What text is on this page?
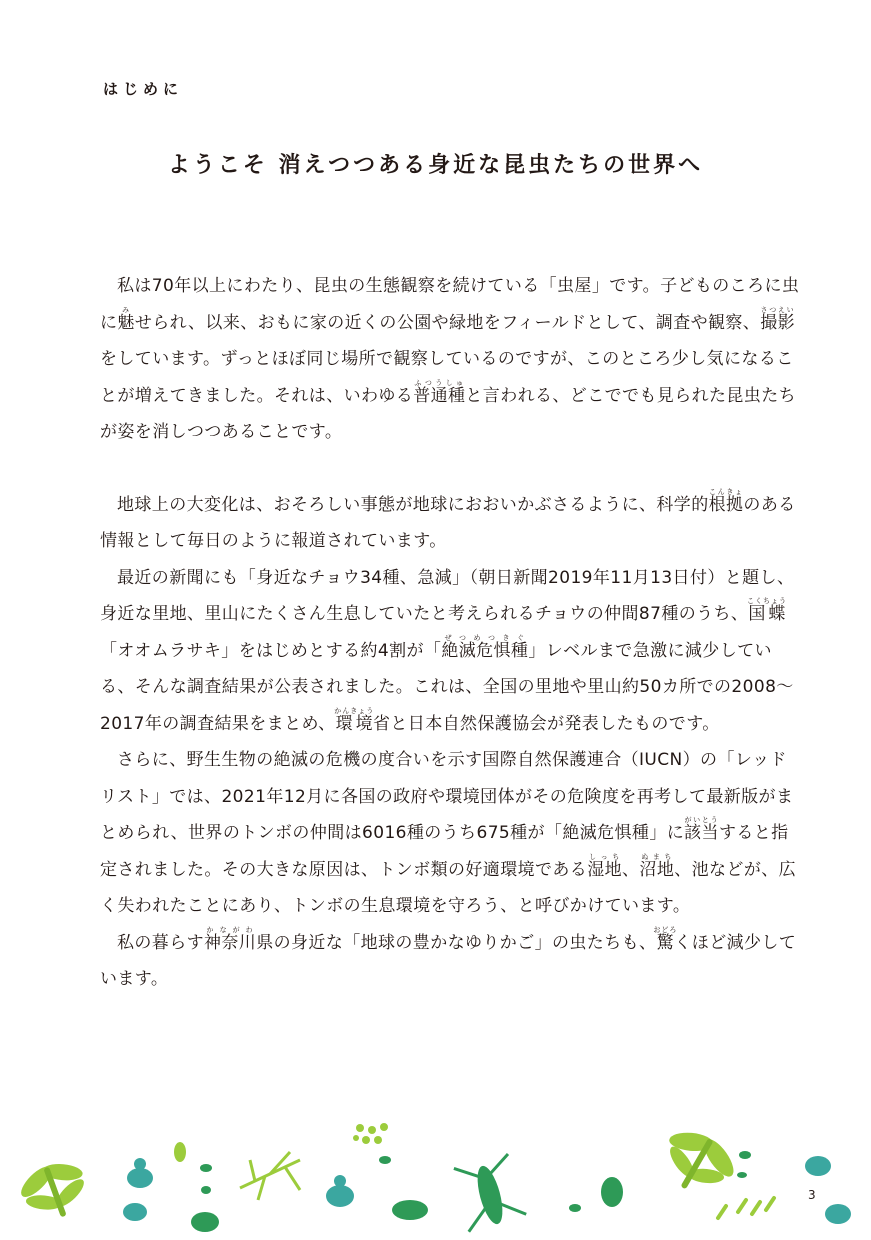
はじめに
ようこそ 消えつつある身近な昆虫たちの世界へ

私は70年以上にわたり、昆虫の生態観察を続けている「虫屋」です。子どものころに虫に魅みせられ、以来、おもに家の近くの公園や緑地をフィールドとして、調査や観察、撮影さつえいをしています。ずっとほぼ同じ場所で観察しているのですが、このところ少し気になることが増えてきました。それは、いわゆる普通種ふつうしゅと言われる、どこででも見られた昆虫たちが姿を消しつつあることです。

地球上の大変化は、おそろしい事態が地球におおいかぶさるように、科学的根こん拠きょのある情報として毎日のように報道されています。

最近の新聞にも「身近なチョウ34種、急減」（朝日新聞2019年11月13日付）と題し、身近な里地、里山にたくさん生息していたと考えられるチョウの仲間87種のうち、国蝶こくちょう「オオムラサキ」をはじめとする約4割が「絶滅危惧種ぜつめつきぐ」レベルまで急激に減少している、そんな調査結果が公表されました。これは、全国の里地や里山約50カ所での2008～2017年の調査結果をまとめ、環境かんきょう省と日本自然保護協会が発表したものです。

さらに、野生生物の絶滅の危機の度合いを示す国際自然保護連合（IUCN）の「レッドリスト」では、2021年12月に各国の政府や環境団体がその危険度を再考して最新版がまとめられ、世界のトンボの仲間は6016種のうち675種が「絶滅危惧種」に該当がいとうすると指定されました。その大きな原因は、トンボ類の好適環境である湿地しっち、沼地ぬまち、池などが、広く失われたことにあり、トンボの生息環境を守ろう、と呼びかけています。

私の暮らす神奈川かながわ県の身近な「地球の豊かなゆりかご」の虫たちも、驚おどろくほど減少しています。

3
